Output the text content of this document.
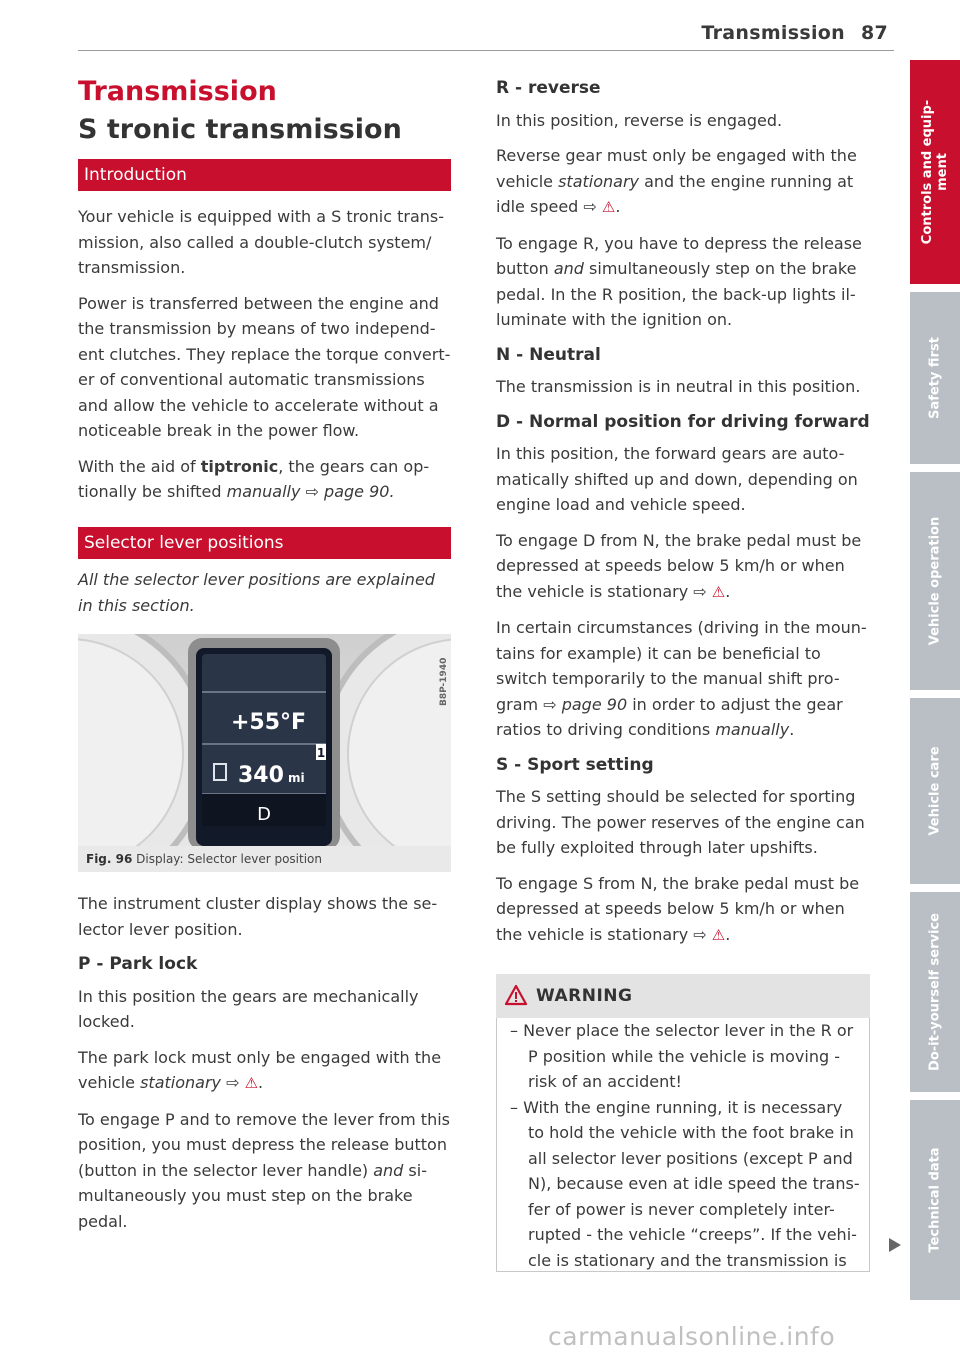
Transmission 87
Transmission
S tronic transmission
Introduction

Your vehicle is equipped with a S tronic trans- mission, also called a double-clutch system/ transmission.

Power is transferred between the engine and the transmission by means of two independ- ent clutches. They replace the torque convert- er of conventional automatic transmissions and allow the vehicle to accelerate without a noticeable break in the power flow.

With the aid of tiptronic, the gears can op- tionally be shifted manually ⇨ page 90.

Selector lever positions
All the selector lever positions are explained in this section.
+55°F
1
340 mi
D
B8P-1940
Fig. 96 Display: Selector lever position

The instrument cluster display shows the se- lector lever position.

P - Park lock

In this position the gears are mechanically locked.

The park lock must only be engaged with the vehicle stationary ⇨ ⚠.

To engage P and to remove the lever from this position, you must depress the release button (button in the selector lever handle) and si- multaneously you must step on the brake pedal.

R - reverse

In this position, reverse is engaged.

Reverse gear must only be engaged with the vehicle stationary and the engine running at idle speed ⇨ ⚠.

To engage R, you have to depress the release button and simultaneously step on the brake pedal. In the R position, the back-up lights il- luminate with the ignition on.

N - Neutral

The transmission is in neutral in this position.

D - Normal position for driving forward

In this position, the forward gears are auto- matically shifted up and down, depending on engine load and vehicle speed.

To engage D from N, the brake pedal must be depressed at speeds below 5 km/h or when the vehicle is stationary ⇨ ⚠.

In certain circumstances (driving in the moun- tains for example) it can be beneficial to switch temporarily to the manual shift pro- gram ⇨ page 90 in order to adjust the gear ratios to driving conditions manually.

S - Sport setting

The S setting should be selected for sporting driving. The power reserves of the engine can be fully exploited through later upshifts.

To engage S from N, the brake pedal must be depressed at speeds below 5 km/h or when the vehicle is stationary ⇨ ⚠.

WARNING
– Never place the selector lever in the R or P position while the vehicle is moving - risk of an accident!
– With the engine running, it is necessary to hold the vehicle with the foot brake in all selector lever positions (except P and N), because even at idle speed the trans- fer of power is never completely inter- rupted - the vehicle “creeps”. If the vehi- cle is stationary and the transmission is
Controls and equip- ment
Safety first
Vehicle operation
Vehicle care
Do-it-yourself service
Technical data
carmanualsonline.info
